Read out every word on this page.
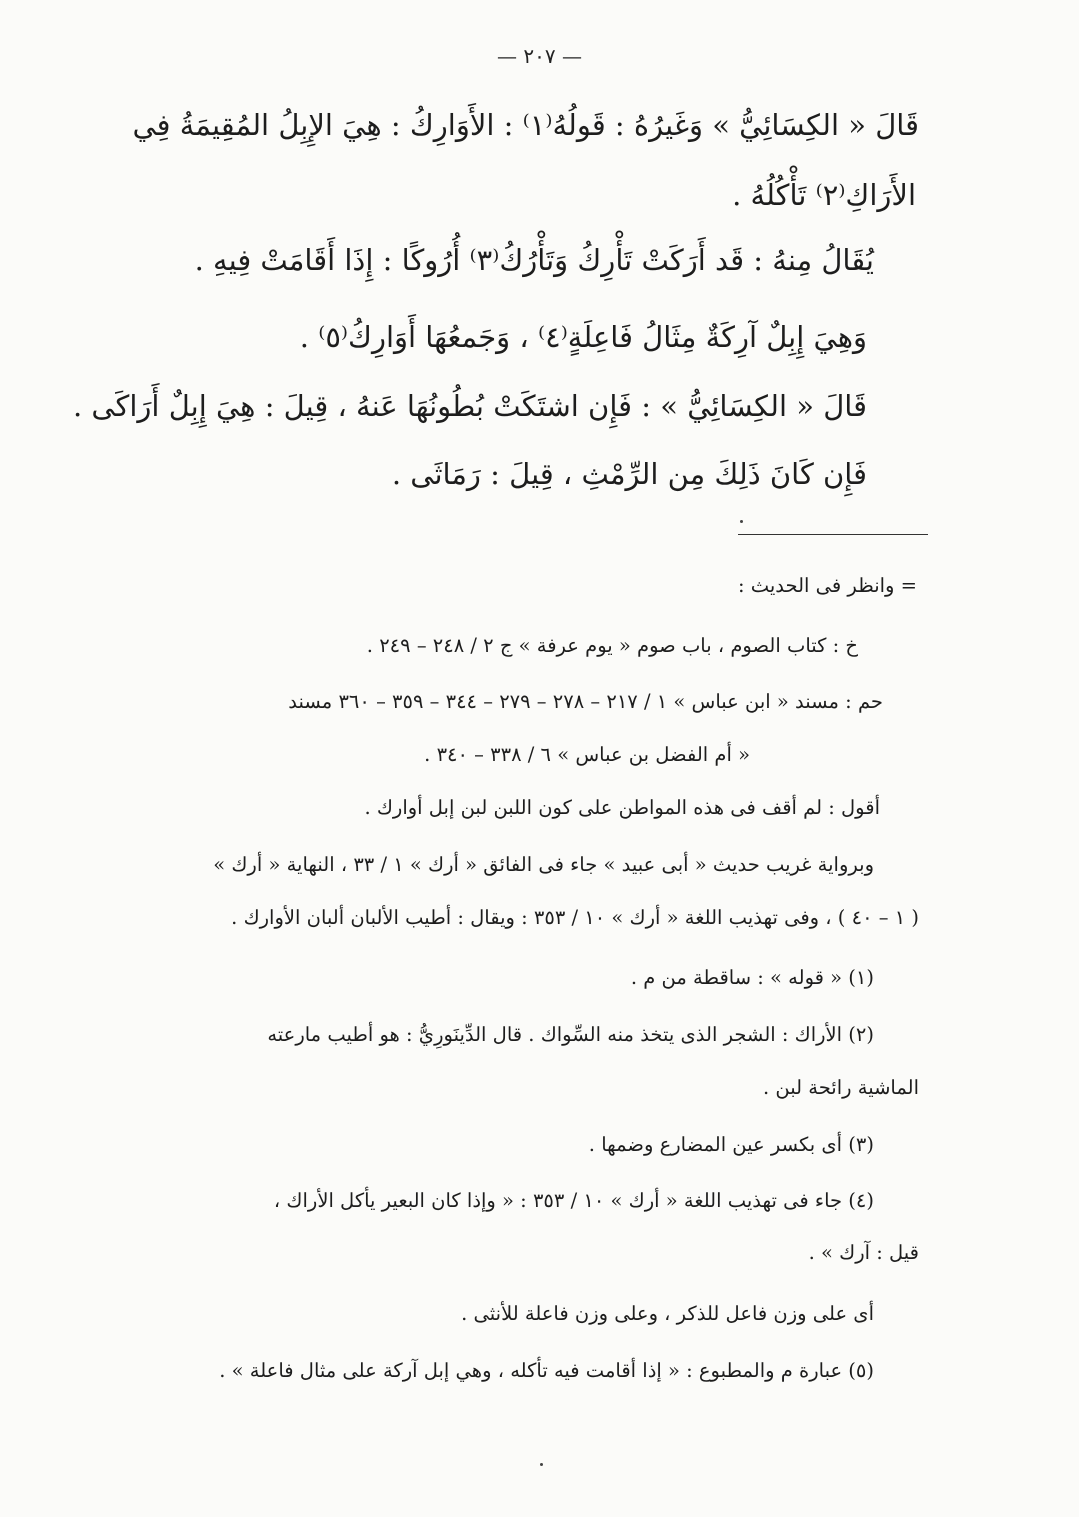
— ٢٠٧ —
قَالَ « الكِسَائِيُّ » وَغَيرُهُ : قَولُهُ⁽١⁾ : الأَوَارِكُ : هِيَ الإِبِلُ المُقِيمَةُ فِي
الأَرَاكِ⁽٢⁾ تَأْكُلُهُ .
يُقَالُ مِنهُ : قَد أَرَكَتْ تَأْرِكُ وَتَأْرُكُ⁽٣⁾ أُرُوكًا : إِذَا أَقَامَتْ فِيهِ .
وَهِيَ إِبِلٌ آرِكَةٌ مِثَالُ فَاعِلَةٍ⁽٤⁾ ، وَجَمعُهَا أَوَارِكُ⁽٥⁾ .
قَالَ « الكِسَائِيُّ » : فَإِن اشتَكَتْ بُطُونُهَا عَنهُ ، قِيلَ : هِيَ إِبِلٌ أَرَاكَى .
فَإِن كَانَ ذَلِكَ مِن الرِّمْثِ ، قِيلَ : رَمَاثَى .
= وانظر فى الحديث :
خ : كتاب الصوم ، باب صوم « يوم عرفة » ج ٢ / ٢٤٨ – ٢٤٩ .
حم : مسند « ابن عباس » ١ / ٢١٧ – ٢٧٨ – ٢٧٩ – ٣٤٤ – ٣٥٩ – ٣٦٠ مسند
« أم الفضل بن عباس » ٦ / ٣٣٨ – ٣٤٠ .
أقول : لم أقف فى هذه المواطن على كون اللبن لبن إبل أوارك .
وبرواية غريب حديث « أبى عبيد » جاء فى الفائق « أرك » ١ / ٣٣ ، النهاية « أرك »
( ١ – ٤٠ ) ، وفى تهذيب اللغة « أرك » ١٠ / ٣٥٣ : ويقال : أطيب الألبان ألبان الأوارك .
(١) « قوله » : ساقطة من م .
(٢) الأراك : الشجر الذى يتخذ منه السِّواك . قال الدِّينَورِيُّ : هو أطيب مارعته
الماشية رائحة لبن .
(٣) أى بكسر عين المضارع وضمها .
(٤) جاء فى تهذيب اللغة « أرك » ١٠ / ٣٥٣ : « وإذا كان البعير يأكل الأراك ،
قيل : آرك » .
أى على وزن فاعل للذكر ، وعلى وزن فاعلة للأنثى .
(٥) عبارة م والمطبوع : « إذا أقامت فيه تأكله ، وهي إبل آركة على مثال فاعلة » .
